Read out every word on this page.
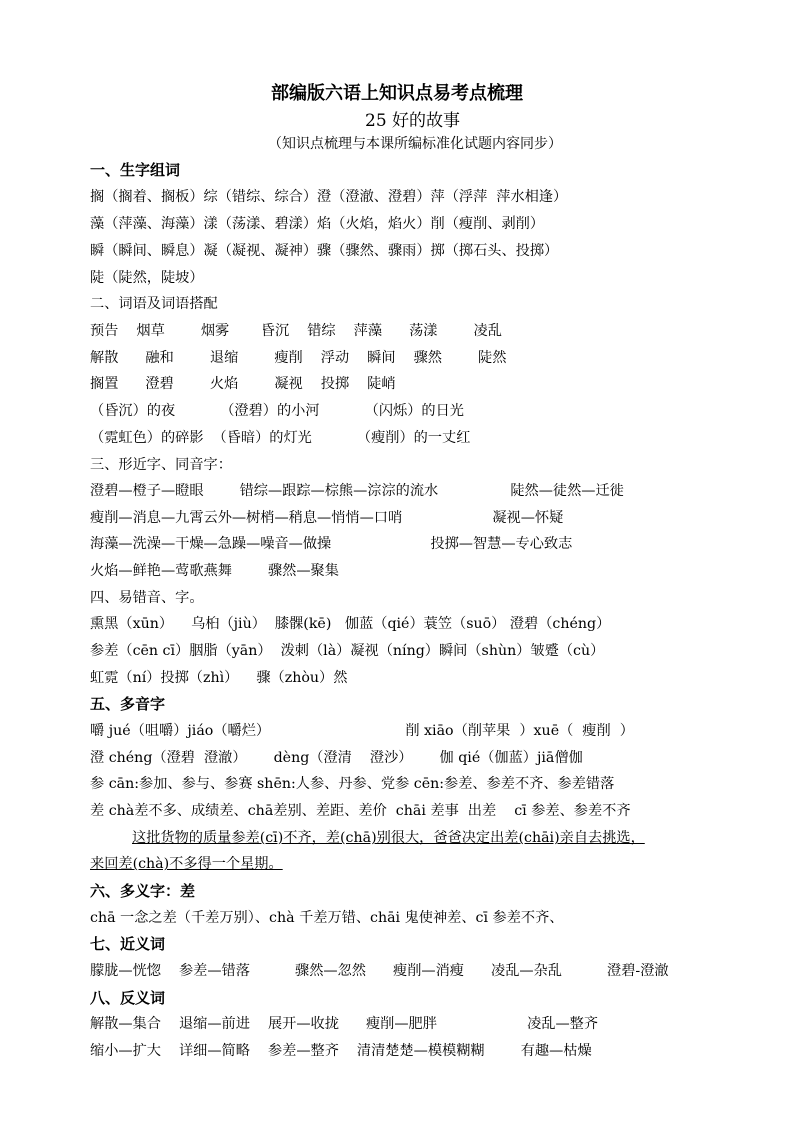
部编版六语上知识点易考点梳理
25 好的故事
（知识点梳理与本课所编标准化试题内容同步）
一、生字组词
搁（搁着、搁板）综（错综、综合）澄（澄澈、澄碧）萍（浮萍  萍水相逢）
藻（萍藻、海藻）漾（荡漾、碧漾）焰（火焰，焰火）削（瘦削、剥削）
瞬（瞬间、瞬息）凝（凝视、凝神）骤（骤然、骤雨）掷（掷石头、投掷）
陡（陡然，陡坡）
二、词语及词语搭配
预告    烟草        烟雾       昏沉    错综    萍藻      荡漾        凌乱
解散      融和        退缩        瘦削    浮动    瞬间    骤然        陡然
搁置      澄碧        火焰        凝视    投掷    陡峭
（昏沉）的夜          （澄碧）的小河          （闪烁）的日光
（霓虹色）的碎影  （昏暗）的灯光          （瘦削）的一丈红
三、形近字、同音字：
澄碧—橙子—瞪眼        错综—跟踪—棕熊—淙淙的流水                陡然—徒然—迁徙
瘦削—消息—九霄云外—树梢—稍息—悄悄—口哨                    凝视—怀疑
海藻—洗澡—干燥—急躁—噪音—做操                      投掷—智慧—专心致志
火焰—鲜艳—莺歌燕舞        骤然—聚集
四、易错音、字。
熏黑（xūn）    乌桕（jiù）  膝髁(kē)   伽蓝（qié）蓑笠（suō） 澄碧（chéng）
参差（cēn cī）胭脂（yān）  泼刺（là）凝视（níng）瞬间（shùn）皱蹙（cù）
虹霓（ní）投掷（zhì）    骤（zhòu）然
五、多音字
嚼 jué（咀嚼）jiáo（嚼烂）                              削 xiāo（削苹果  ）xuē（  瘦削  ）
澄 chéng（澄碧  澄澈）      dèng（澄清    澄沙）      伽 qié（伽蓝）jiā僧伽
参 cān:参加、参与、参赛 shēn:人参、丹参、党参 cēn:参差、参差不齐、参差错落
差 chà差不多、成绩差、chā差别、差距、差价  chāi 差事  出差    cī 参差、参差不齐
这批货物的质量参差(cī)不齐，差(chā)别很大，爸爸决定出差(chāi)亲自去挑选，
来回差(chà)不多得一个星期。
六、多义字：差
chā 一念之差（千差万别）、chà 千差万错、chāi 鬼使神差、cī 参差不齐、
七、近义词
朦胧—恍惚    参差—错落          骤然—忽然      瘦削—消瘦      凌乱—杂乱          澄碧-澄澈
八、反义词
解散—集合    退缩—前进    展开—收拢      瘦削—肥胖                    凌乱—整齐
缩小—扩大    详细—简略    参差—整齐    清清楚楚—模模糊糊        有趣—枯燥
